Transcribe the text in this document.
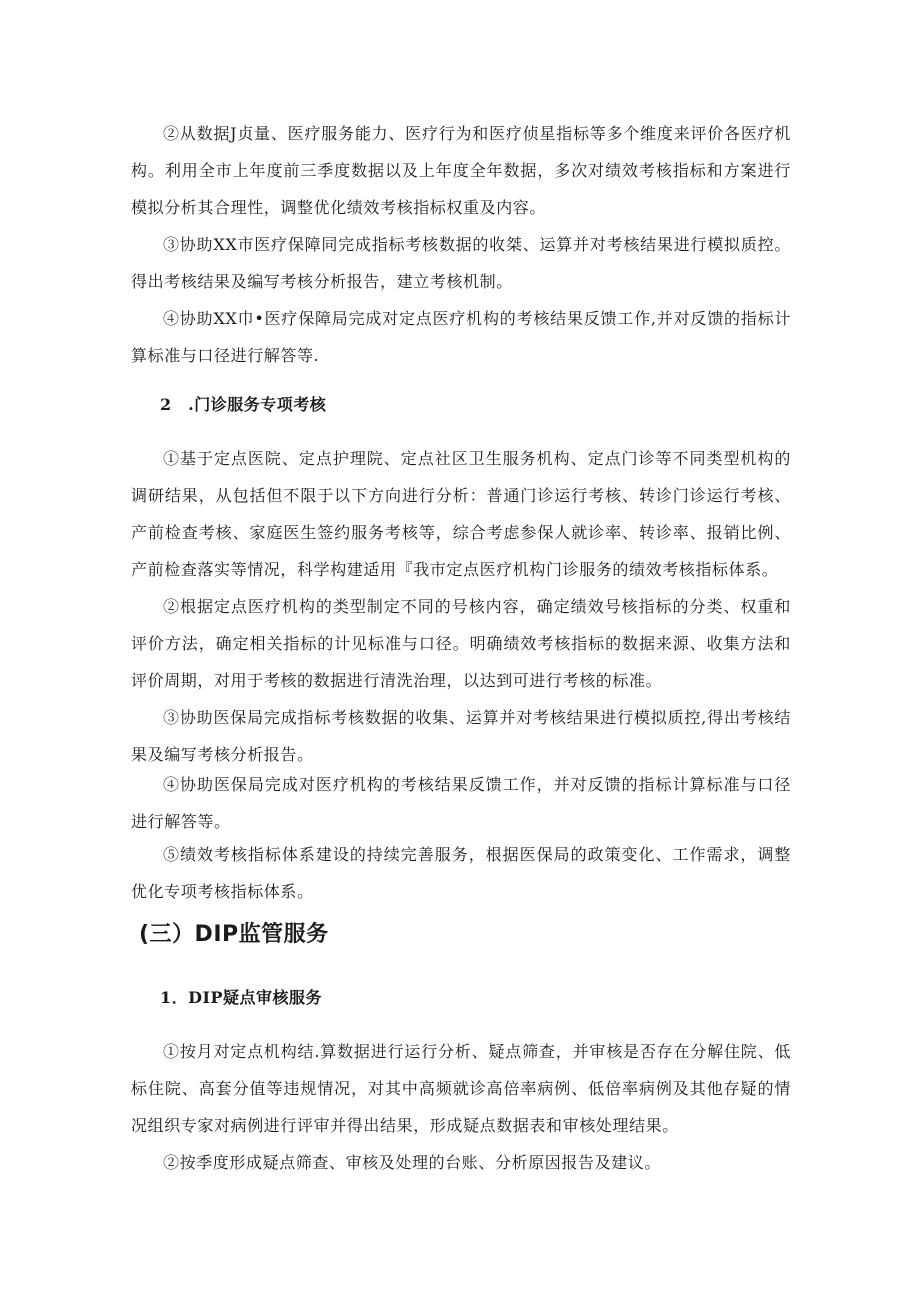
②从数据J贞量、医疗服务能力、医疗行为和医疗侦星指标等多个维度来评价各医疗机构。利用全市上年度前三季度数据以及上年度全年数据，多次对绩效考核指标和方案进行模拟分析其合理性，调整优化绩效考核指标权重及内容。

③协助XX市医疗保障同完成指标考核数据的收桀、运算并对考核结果进行模拟质控。得出考核结果及编写考核分析报告，建立考核机制。

④协助XX巾•医疗保障局完成对定点医疗机构的考核结果反馈工作,并对反馈的指标计算标准与口径进行解答等.

2 .门诊服务专项考核

①基于定点医院、定点护理院、定点社区卫生服务机构、定点门诊等不同类型机构的调研结果，从包括但不限于以下方向进行分析：普通门诊运行考核、转诊门诊运行考核、产前检查考核、家庭医生签约服务考核等，综合考虑参保人就诊率、转诊率、报销比例、产前检查落实等情况，科学构建适用『我市定点医疗机构门诊服务的绩效考核指标体系。

②根据定点医疗机构的类型制定不同的号核内容，确定绩效号核指标的分类、权重和评价方法，确定相关指标的计见标准与口径。明确绩效考核指标的数据来源、收集方法和评价周期，对用于考核的数据进行清洗治理，以达到可进行考核的标准。

③协助医保局完成指标考核数据的收集、运算并对考核结果进行模拟质控,得出考核结果及编写考核分析报告。

④协助医保局完成对医疗机构的考核结果反馈工作，并对反馈的指标计算标准与口径进行解答等。

⑤绩效考核指标体系建设的持续完善服务，根据医保局的政策变化、工作需求，调整优化专项考核指标体系。

(三）DIP监管服务
1．DIP疑点审核服务

①按月对定点机构结.算数据进行运行分析、疑点筛查，并审核是否存在分解住院、低标住院、高套分值等违规情况，对其中高频就诊高倍率病例、低倍率病例及其他存疑的情况组织专家对病例进行评审并得出结果，形成疑点数据表和审核处理结果。

②按季度形成疑点筛查、审核及处理的台账、分析原因报告及建议。
